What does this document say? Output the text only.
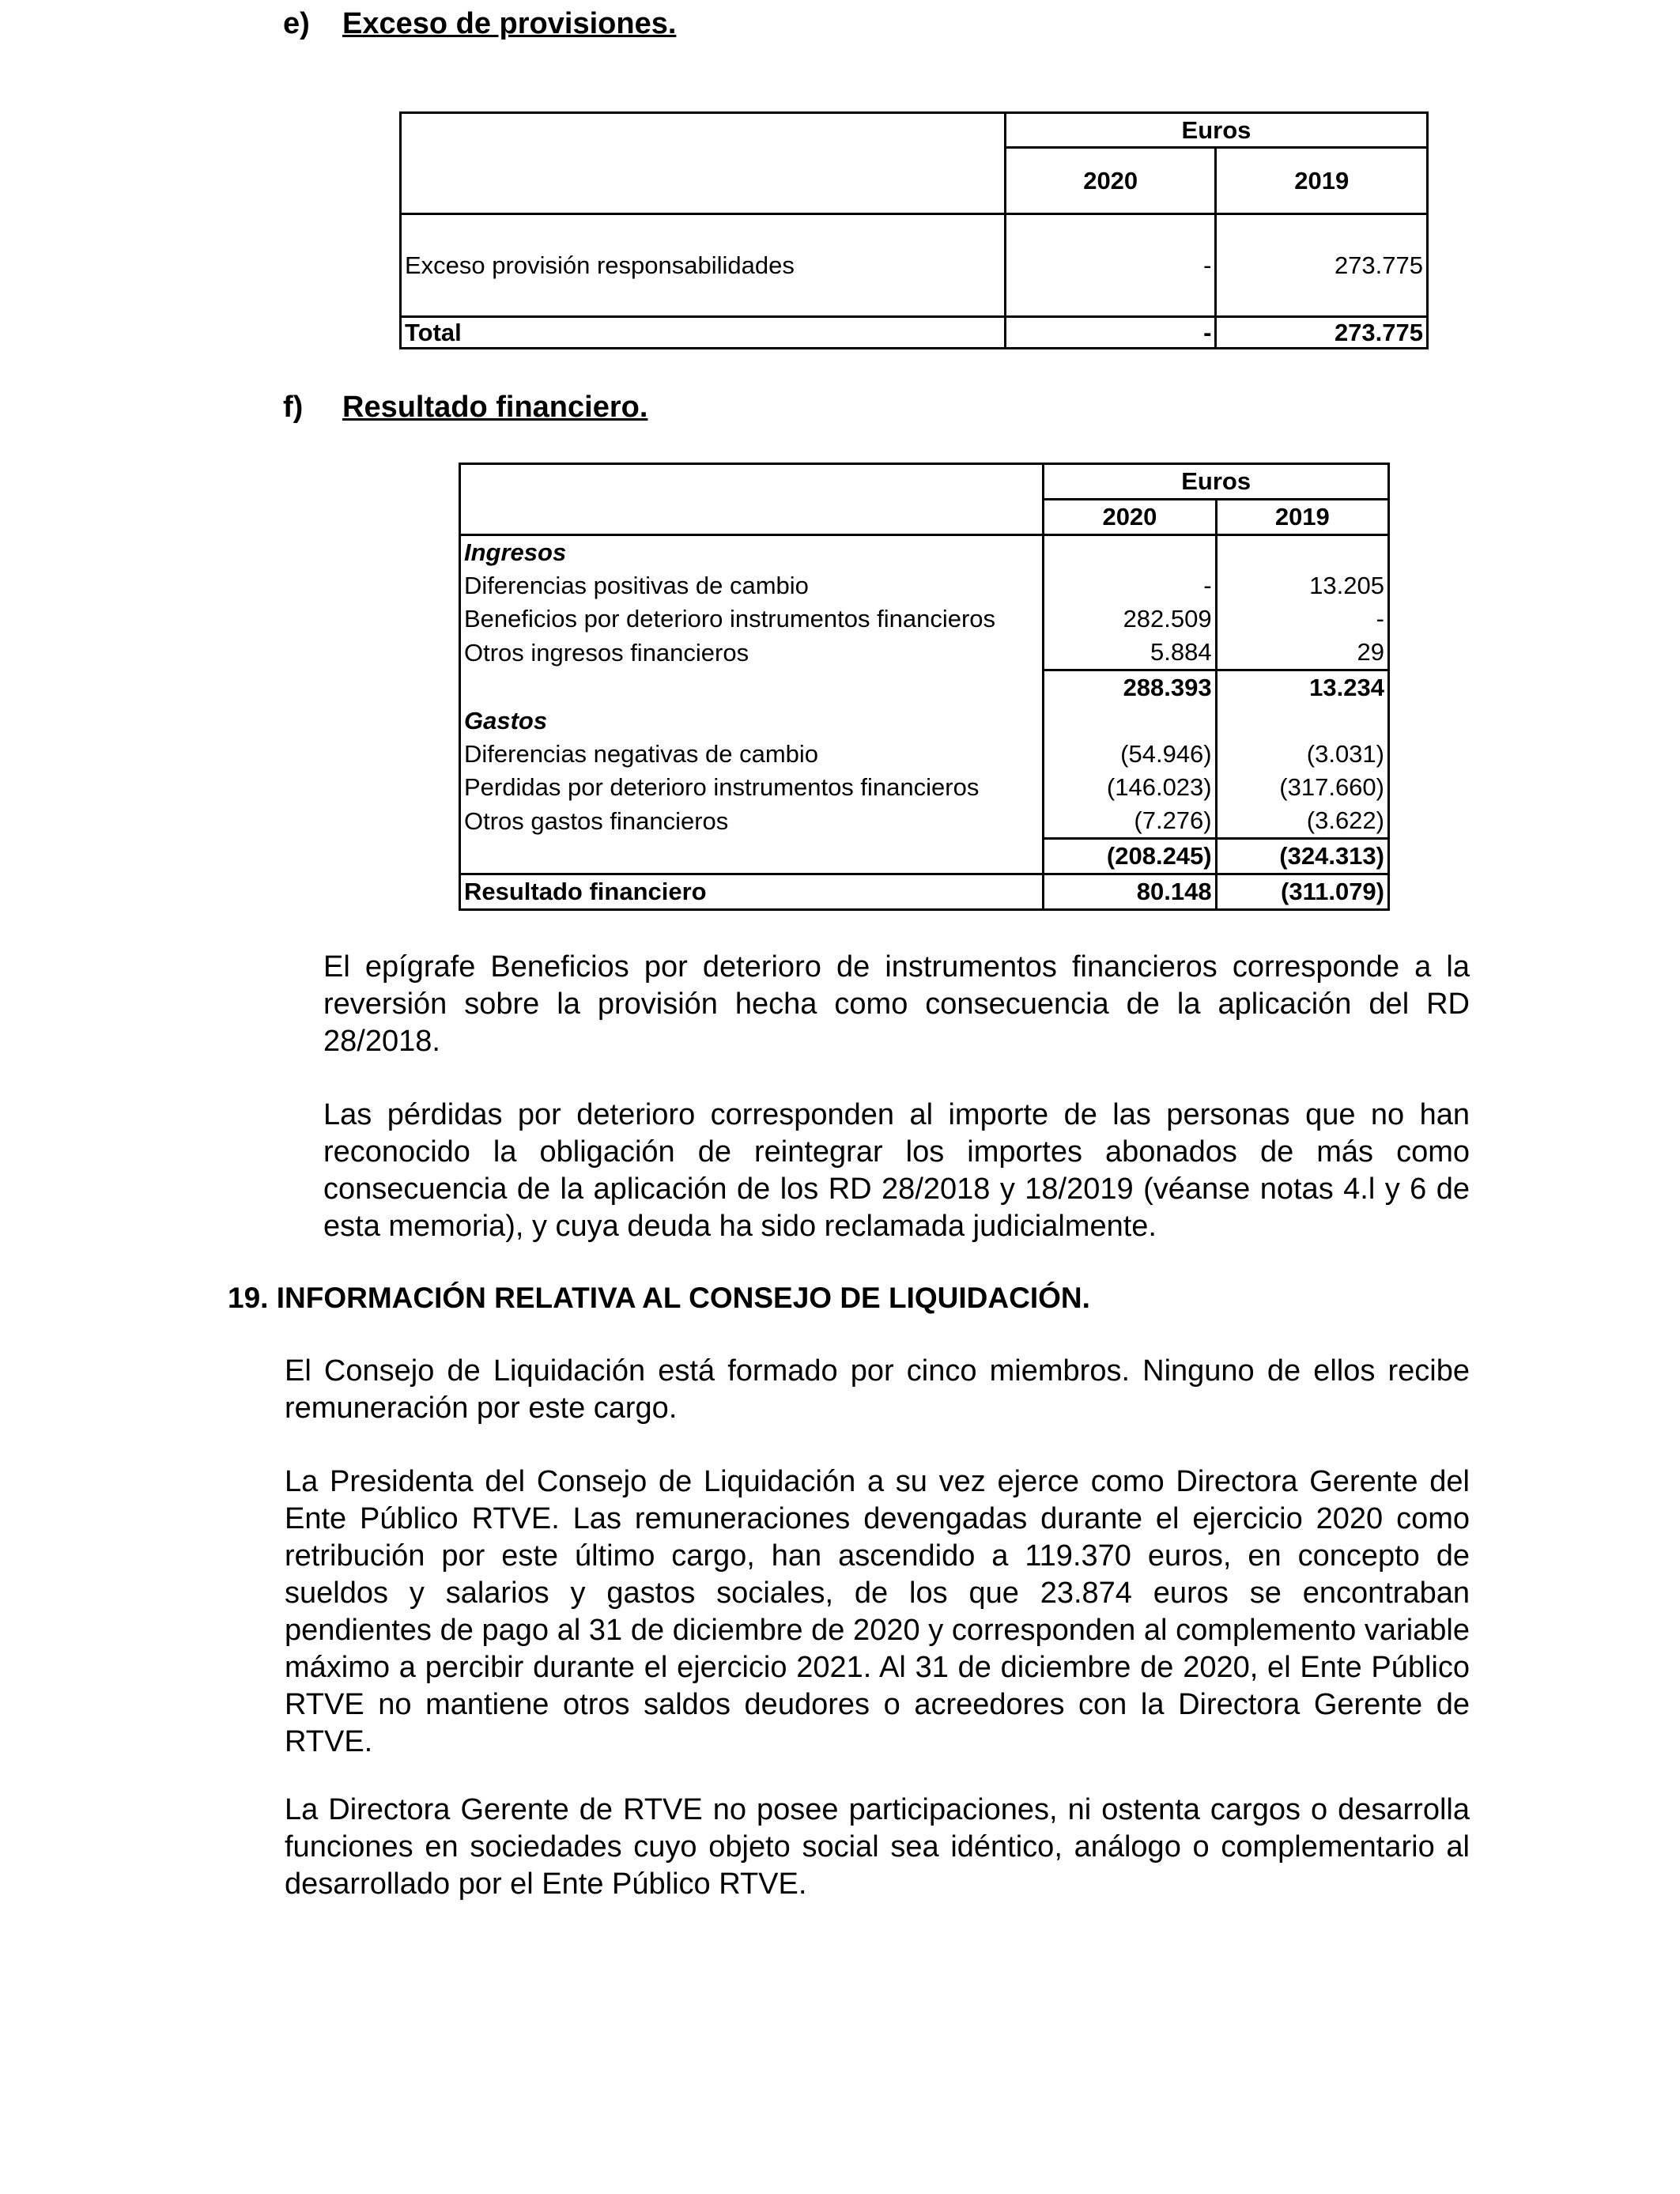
e) Exceso de provisiones.
	Euros	
	2020	2019
Exceso provisión responsabilidades	-	273.775
Total	-	273.775
f) Resultado financiero.
	Euros	
	2020	2019
Ingresos		
Diferencias positivas de cambio	-	13.205
Beneficios por deterioro instrumentos financieros	282.509	-
Otros ingresos financieros	5.884	29
	288.393	13.234
Gastos		
Diferencias negativas de cambio	(54.946)	(3.031)
Perdidas por deterioro instrumentos financieros	(146.023)	(317.660)
Otros gastos financieros	(7.276)	(3.622)
	(208.245)	(324.313)
Resultado financiero	80.148	(311.079)

El epígrafe Beneficios por deterioro de instrumentos financieros corresponde a la reversión sobre la provisión hecha como consecuencia de la aplicación del RD 28/2018.

Las pérdidas por deterioro corresponden al importe de las personas que no han reconocido la obligación de reintegrar los importes abonados de más como consecuencia de la aplicación de los RD 28/2018 y 18/2019 (véanse notas 4.l y 6 de esta memoria), y cuya deuda ha sido reclamada judicialmente.

19. INFORMACIÓN RELATIVA AL CONSEJO DE LIQUIDACIÓN.

El Consejo de Liquidación está formado por cinco miembros. Ninguno de ellos recibe remuneración por este cargo.

La Presidenta del Consejo de Liquidación a su vez ejerce como Directora Gerente del Ente Público RTVE. Las remuneraciones devengadas durante el ejercicio 2020 como retribución por este último cargo, han ascendido a 119.370 euros, en concepto de sueldos y salarios y gastos sociales, de los que 23.874 euros se encontraban pendientes de pago al 31 de diciembre de 2020 y corresponden al complemento variable máximo a percibir durante el ejercicio 2021. Al 31 de diciembre de 2020, el Ente Público RTVE no mantiene otros saldos deudores o acreedores con la Directora Gerente de RTVE.

La Directora Gerente de RTVE no posee participaciones, ni ostenta cargos o desarrolla funciones en sociedades cuyo objeto social sea idéntico, análogo o complementario al desarrollado por el Ente Público RTVE.
